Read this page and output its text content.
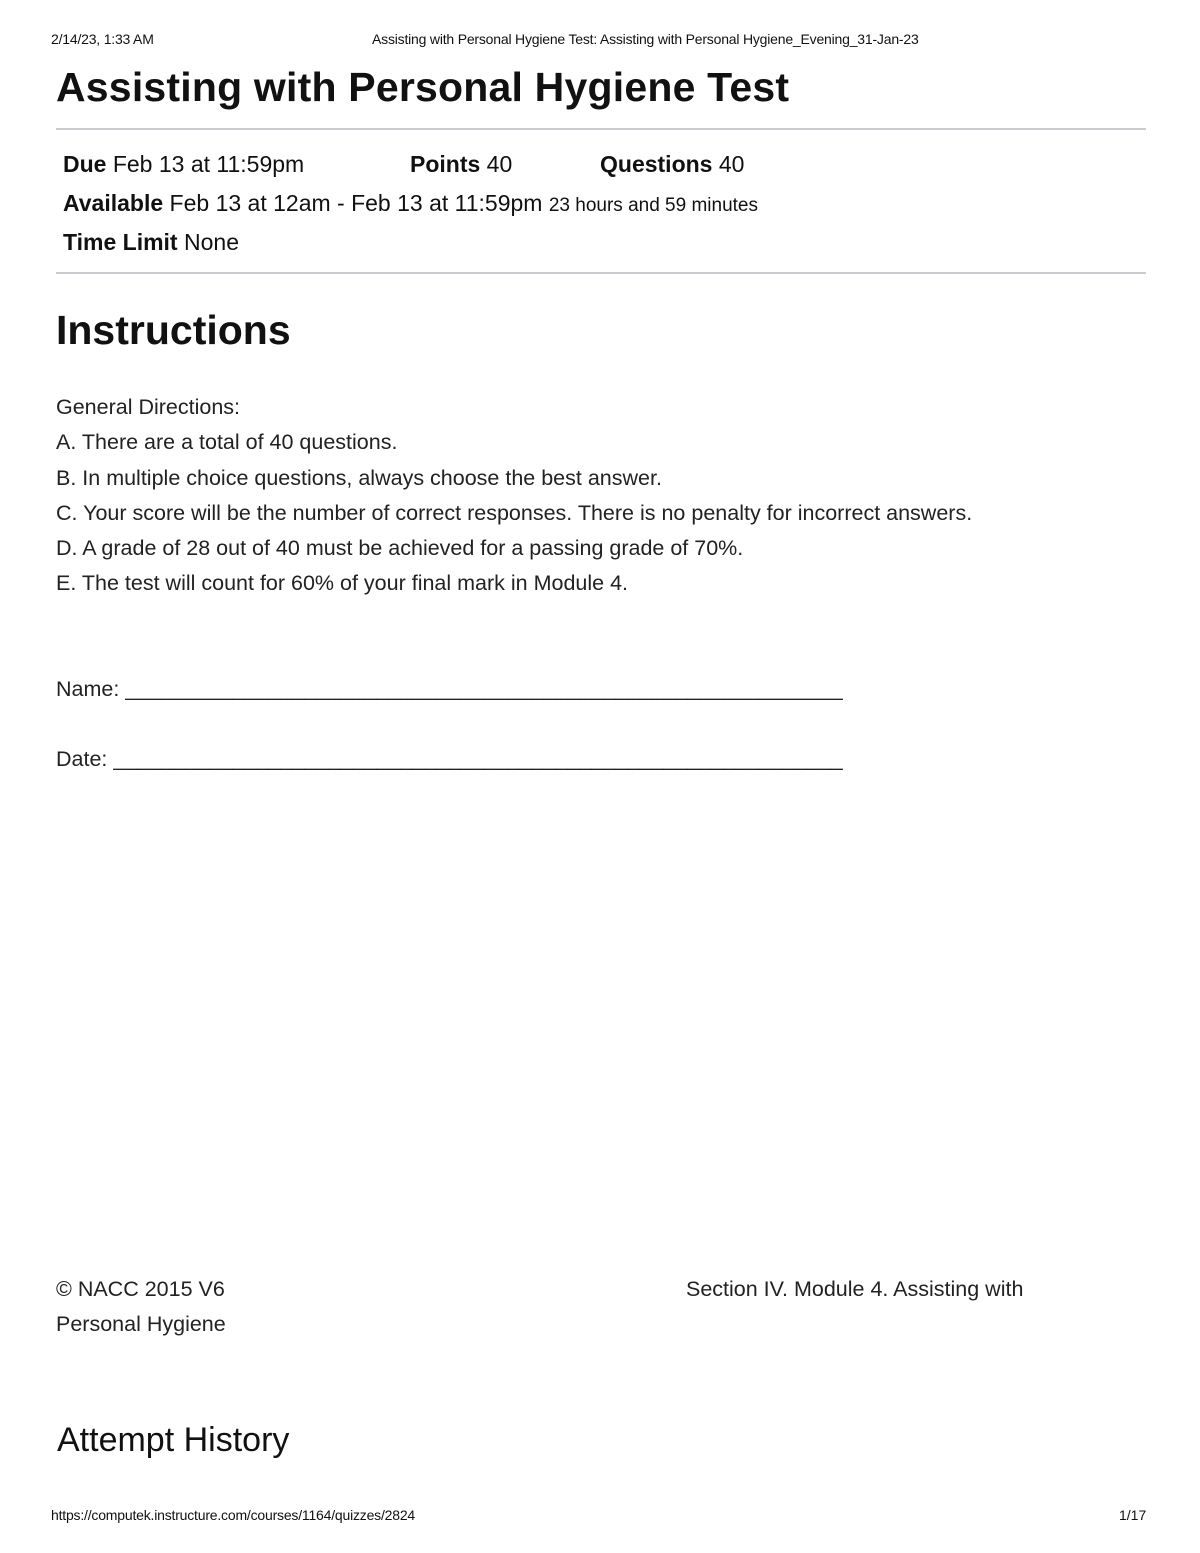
2/14/23, 1:33 AM	Assisting with Personal Hygiene Test: Assisting with Personal Hygiene_Evening_31-Jan-23
Assisting with Personal Hygiene Test
Due Feb 13 at 11:59pm	Points 40	Questions 40
Available Feb 13 at 12am - Feb 13 at 11:59pm 23 hours and 59 minutes
Time Limit None
Instructions

General Directions:

A. There are a total of 40 questions.

B. In multiple choice questions, always choose the best answer.

C. Your score will be the number of correct responses. There is no penalty for incorrect answers.

D. A grade of 28 out of 40 must be achieved for a passing grade of 70%.

E. The test will count for 60% of your final mark in Module 4.

Name: ____________________________________________________________
Date: _____________________________________________________________

© NACC 2015 V6

Personal Hygiene

Section IV. Module 4. Assisting with
Attempt History
https://computek.instructure.com/courses/1164/quizzes/2824	1/17
